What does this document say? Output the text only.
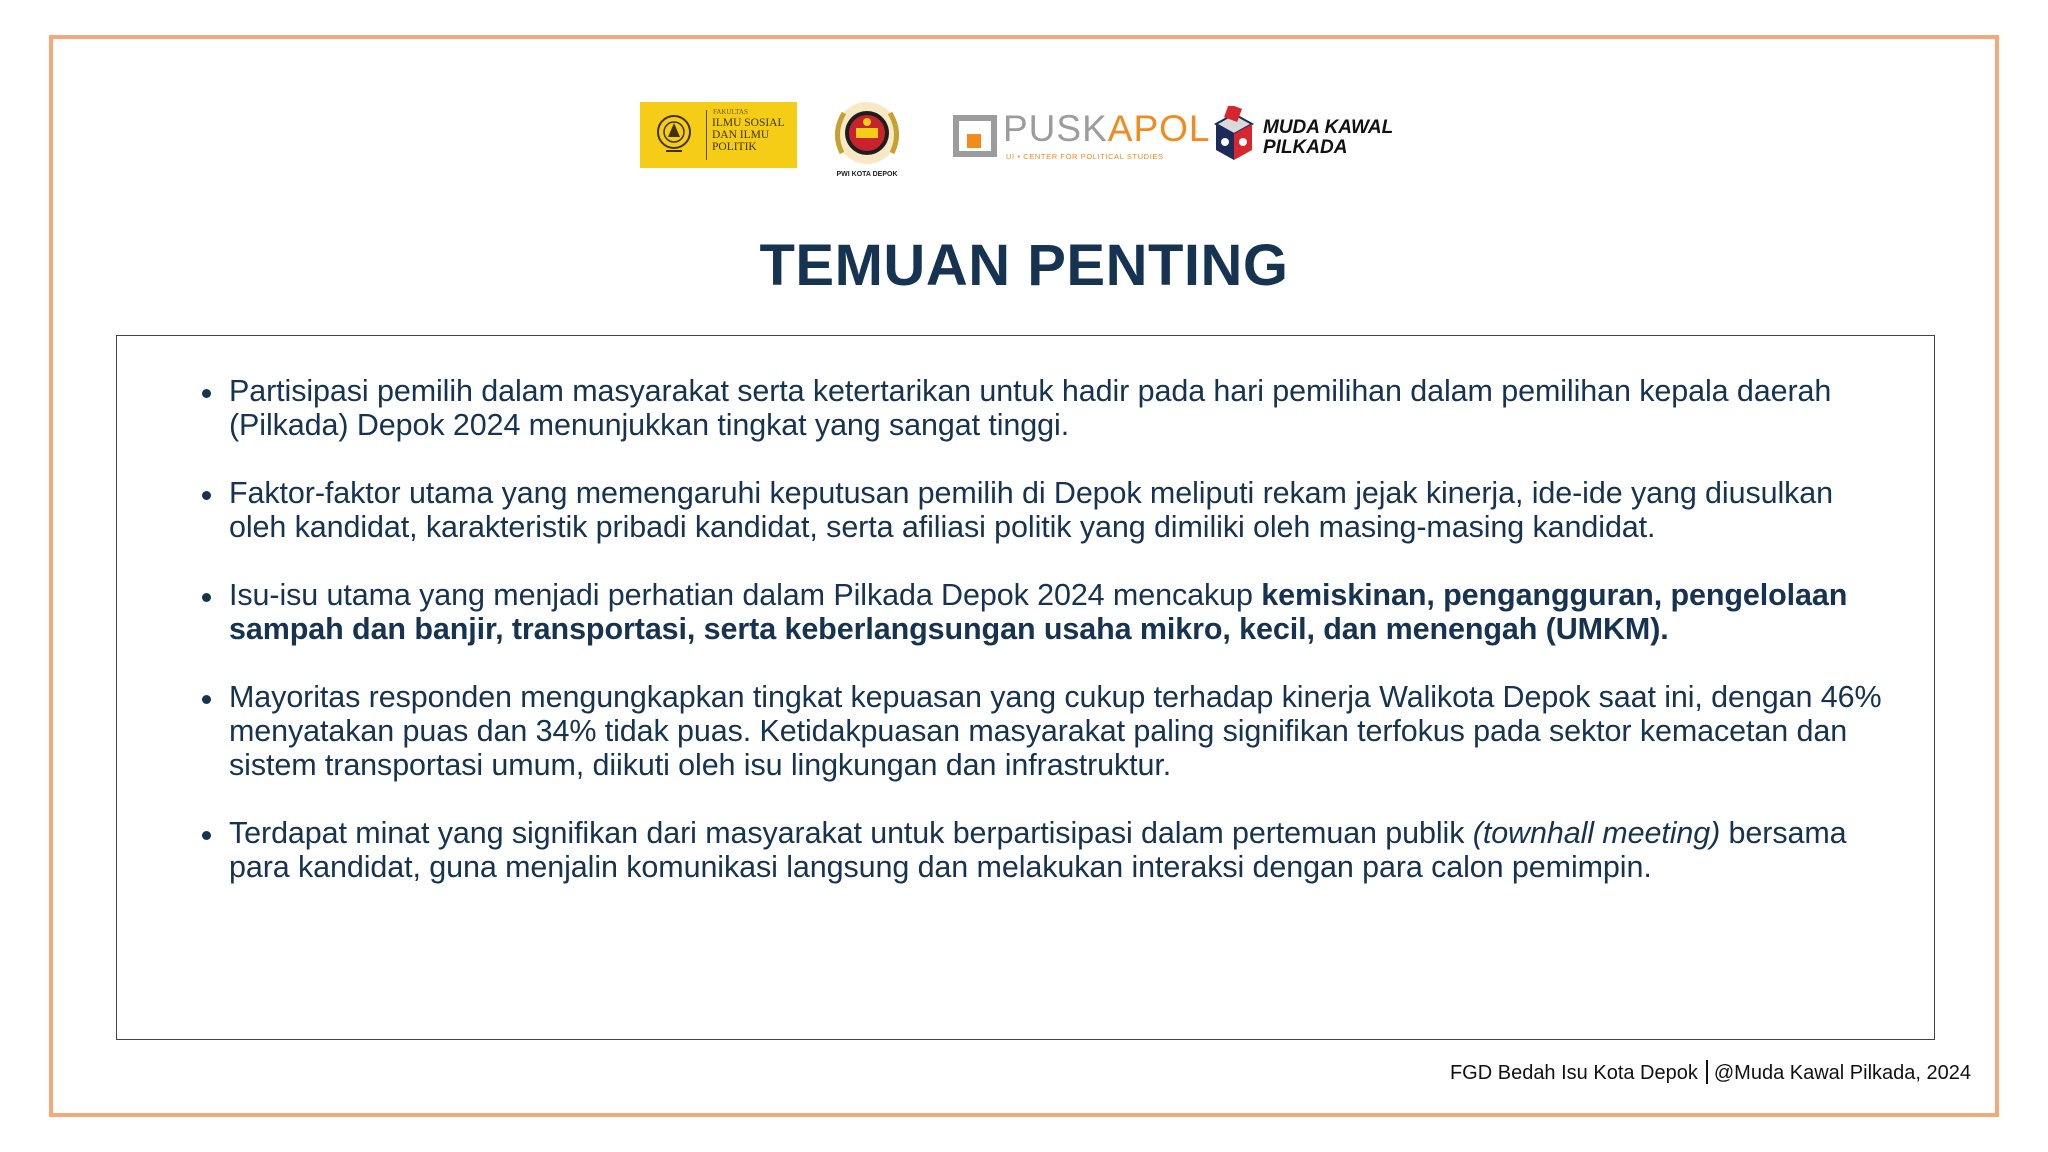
FAKULTAS
ILMU SOSIAL
DAN ILMU
POLITIK
PWI KOTA DEPOK
PUSKAPOL
UI • CENTER FOR POLITICAL STUDIES
MUDA KAWAL
PILKADA
TEMUAN PENTING
Partisipasi pemilih dalam masyarakat serta ketertarikan untuk hadir pada hari pemilihan dalam pemilihan kepala daerah (Pilkada) Depok 2024 menunjukkan tingkat yang sangat tinggi.
Faktor-faktor utama yang memengaruhi keputusan pemilih di Depok meliputi rekam jejak kinerja, ide-ide yang diusulkan oleh kandidat, karakteristik pribadi kandidat, serta afiliasi politik yang dimiliki oleh masing-masing kandidat.
Isu-isu utama yang menjadi perhatian dalam Pilkada Depok 2024 mencakup kemiskinan, pengangguran, pengelolaan sampah dan banjir, transportasi, serta keberlangsungan usaha mikro, kecil, dan menengah (UMKM).
Mayoritas responden mengungkapkan tingkat kepuasan yang cukup terhadap kinerja Walikota Depok saat ini, dengan 46% menyatakan puas dan 34% tidak puas. Ketidakpuasan masyarakat paling signifikan terfokus pada sektor kemacetan dan sistem transportasi umum, diikuti oleh isu lingkungan dan infrastruktur.
Terdapat minat yang signifikan dari masyarakat untuk berpartisipasi dalam pertemuan publik (townhall meeting) bersama para kandidat, guna menjalin komunikasi langsung dan melakukan interaksi dengan para calon pemimpin.
FGD Bedah Isu Kota Depok @Muda Kawal Pilkada, 2024
